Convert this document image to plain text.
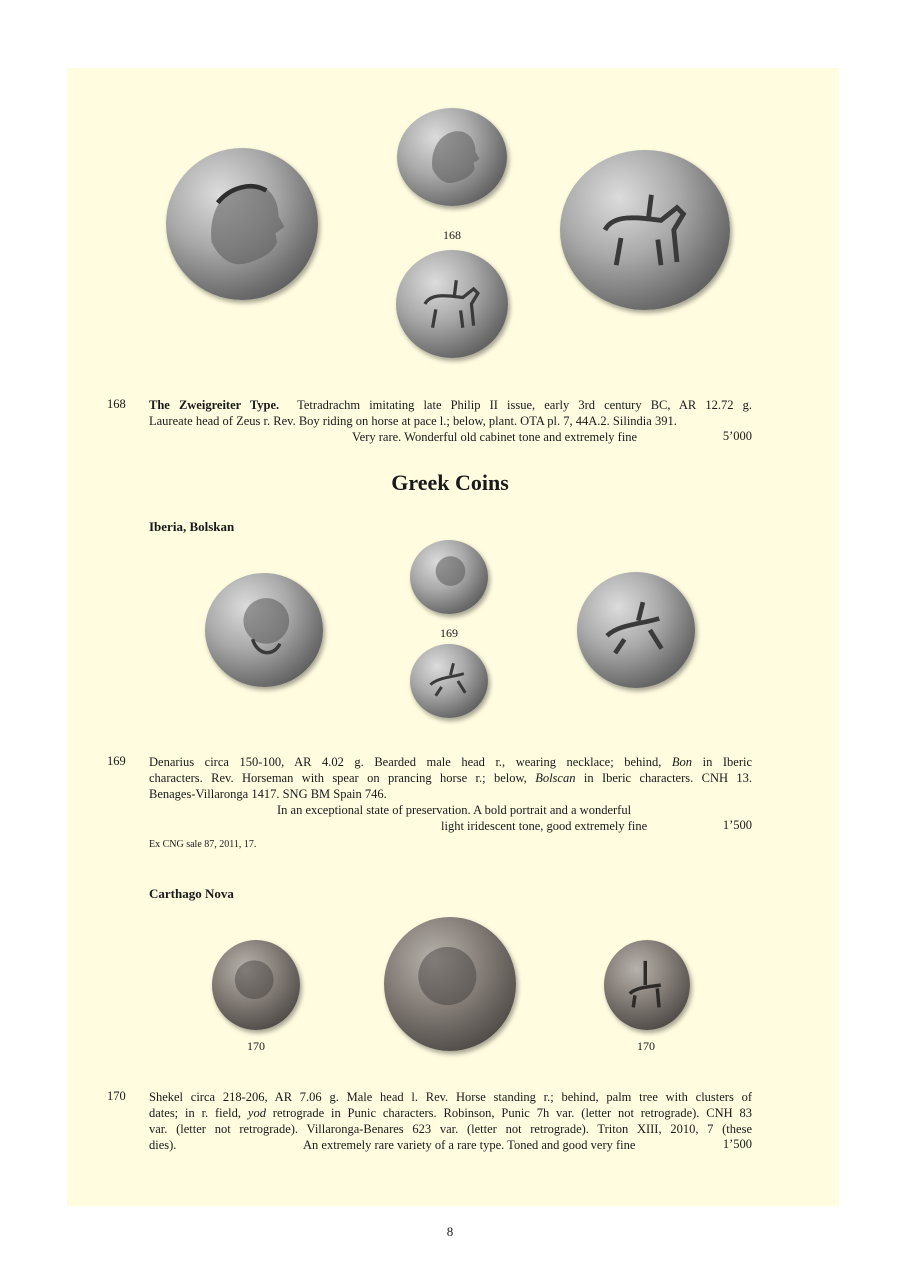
168
168 The Zweigreiter Type. Tetradrachm imitating late Philip II issue, early 3rd century BC, AR 12.72 g.
Laureate head of Zeus r. Rev. Boy riding on horse at pace l.; below, plant. OTA pl. 7, 44A.2. Silindia 391.
Very rare. Wonderful old cabinet tone and extremely fine	5’000
Greek Coins
Iberia, Bolskan
169
169 Denarius circa 150-100, AR 4.02 g. Bearded male head r., wearing necklace; behind, Bon in Iberic
characters. Rev. Horseman with spear on prancing horse r.; below, Bolscan in Iberic characters. CNH 13.
Benages-Villaronga 1417. SNG BM Spain 746.
In an exceptional state of preservation. A bold portrait and a wonderful
light iridescent tone, good extremely fine	1’500
Ex CNG sale 87, 2011, 17.
Carthago Nova
170	170
170 Shekel circa 218-206, AR 7.06 g. Male head l. Rev. Horse standing r.; behind, palm tree with clusters of
dates; in r. field, yod retrograde in Punic characters. Robinson, Punic 7h var. (letter not retrograde). CNH 83
var. (letter not retrograde). Villaronga-Benares 623 var. (letter not retrograde). Triton XIII, 2010, 7 (these
dies).	An extremely rare variety of a rare type. Toned and good very fine	1’500
8
